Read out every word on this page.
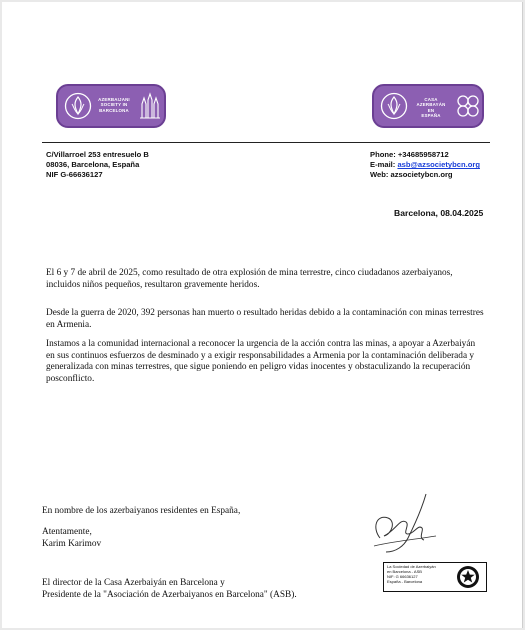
AZERBAIJANI
SOCIETY IN
BARCELONA
CASA AZERBAYÁN
EN
ESPAÑA
C/Villarroel 253 entresuelo B
08036, Barcelona, España
NIF G-66636127
Phone: +34685958712
E-mail: asb@azsocietybcn.org
Web: azsocietybcn.org
Barcelona, 08.04.2025
El 6 y 7 de abril de 2025, como resultado de otra explosión de mina terrestre, cinco ciudadanos azerbaiyanos, incluidos niños pequeños, resultaron gravemente heridos.
Desde la guerra de 2020, 392 personas han muerto o resultado heridas debido a la contaminación con minas terrestres en Armenia.
Instamos a la comunidad internacional a reconocer la urgencia de la acción contra las minas, a apoyar a Azerbaiyán en sus continuos esfuerzos de desminado y a exigir responsabilidades a Armenia por la contaminación deliberada y generalizada con minas terrestres, que sigue poniendo en peligro vidas inocentes y obstaculizando la recuperación posconflicto.
En nombre de los azerbaiyanos residentes en España,
Atentamente,
Karim Karimov
El director de la Casa Azerbaiyán en Barcelona y
Presidente de la "Asociación de Azerbaiyanos en Barcelona" (ASB).
La Sociedad de Azerbaiyán
en Barcelona - ASB
NIF: G 66636127
España - Barcelona
